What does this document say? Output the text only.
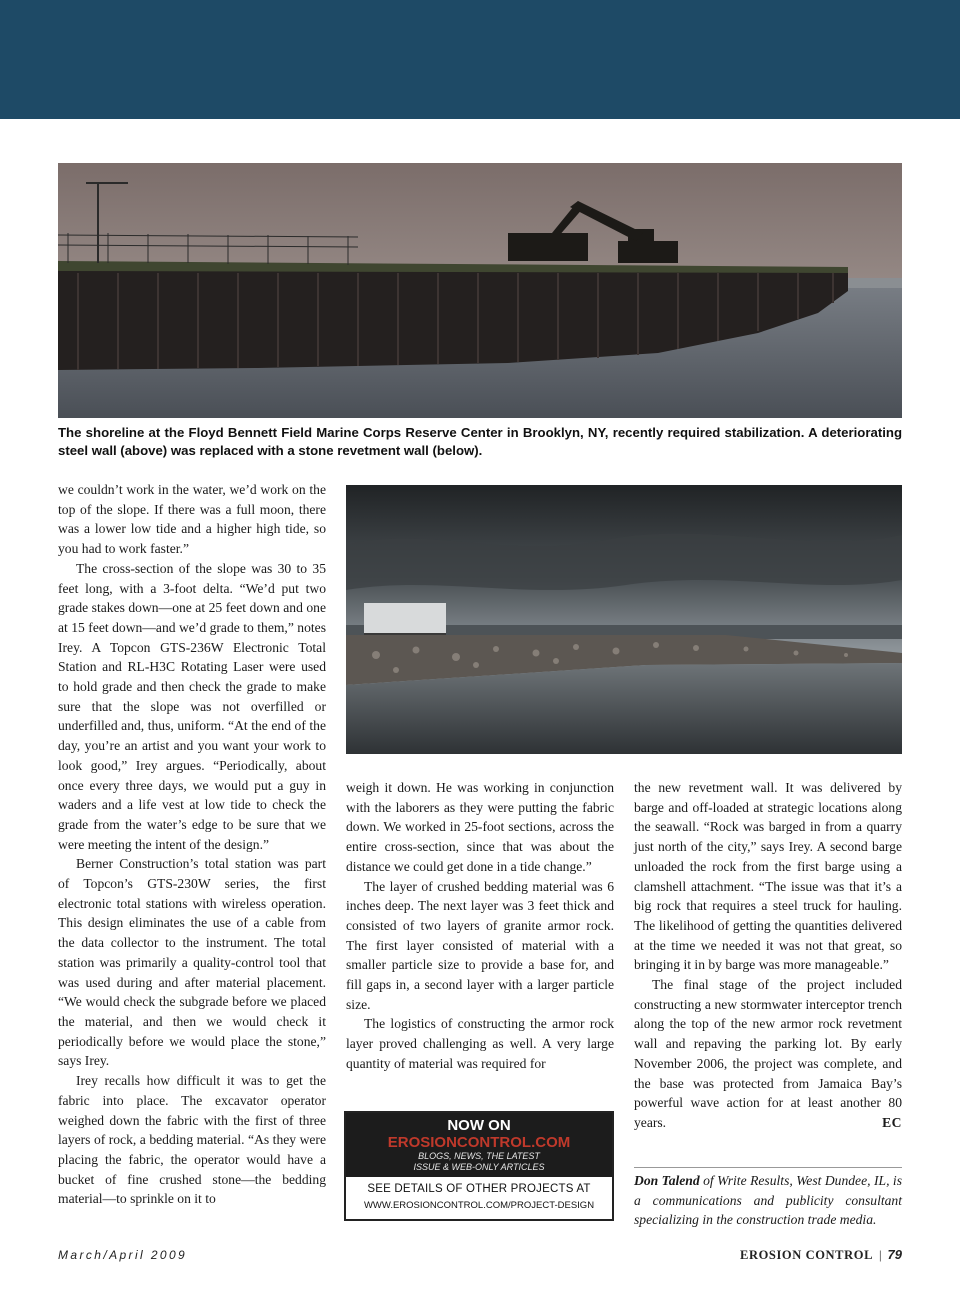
The shoreline at the Floyd Bennett Field Marine Corps Reserve Center in Brooklyn, NY, recently required stabilization. A deteriorating steel wall (above) was replaced with a stone revetment wall (below).

we couldn’t work in the water, we’d work on the top of the slope. If there was a full moon, there was a lower low tide and a higher high tide, so you had to work faster.”

The cross-section of the slope was 30 to 35 feet long, with a 3-foot delta. “We’d put two grade stakes down—one at 25 feet down and one at 15 feet down—and we’d grade to them,” notes Irey. A Topcon GTS-236W Electronic Total Station and RL-H3C Rotating Laser were used to hold grade and then check the grade to make sure that the slope was not overfilled or underfilled and, thus, uniform. “At the end of the day, you’re an artist and you want your work to look good,” Irey argues. “Periodically, about once every three days, we would put a guy in waders and a life vest at low tide to check the grade from the water’s edge to be sure that we were meeting the intent of the design.”

Berner Construction’s total station was part of Topcon’s GTS-230W series, the first electronic total stations with wireless operation. This design eliminates the use of a cable from the data collector to the instrument. The total station was primarily a quality-control tool that was used during and after material placement. “We would check the subgrade before we placed the material, and then we would check it periodically before we would place the stone,” says Irey.

Irey recalls how difficult it was to get the fabric into place. The excavator operator weighed down the fabric with the first of three layers of rock, a bedding material. “As they were placing the fabric, the operator would have a bucket of fine crushed stone—the bedding material—to sprinkle on it to

weigh it down. He was working in conjunction with the laborers as they were putting the fabric down. We worked in 25-foot sections, across the entire cross-section, since that was about the distance we could get done in a tide change.”

The layer of crushed bedding material was 6 inches deep. The next layer was 3 feet thick and consisted of two layers of granite armor rock. The first layer consisted of material with a smaller particle size to provide a base for, and fill gaps in, a second layer with a larger particle size.

The logistics of constructing the armor rock layer proved challenging as well. A very large quantity of material was required for

the new revetment wall. It was delivered by barge and off-loaded at strategic locations along the seawall. “Rock was barged in from a quarry just north of the city,” says Irey. A second barge unloaded the rock from the first barge using a clamshell attachment. “The issue was that it’s a big rock that requires a steel truck for hauling. The likelihood of getting the quantities delivered at the time we needed it was not that great, so bringing it in by barge was more manageable.”

The final stage of the project included constructing a new stormwater interceptor trench along the top of the new armor rock revetment wall and repaving the parking lot. By early November 2006, the project was complete, and the base was protected from Jamaica Bay’s powerful wave action for at least another 80 years.	EC

NOW ON
EROSIONCONTROL.COM
BLOGS, NEWS, THE LATEST
ISSUE & WEB-ONLY ARTICLES
SEE DETAILS OF OTHER PROJECTS AT
WWW.EROSIONCONTROL.COM/PROJECT-DESIGN
Don Talend of Write Results, West Dundee, IL, is a communications and publicity consultant specializing in the construction trade media.
March/April 2009	EROSION CONTROL | 79
